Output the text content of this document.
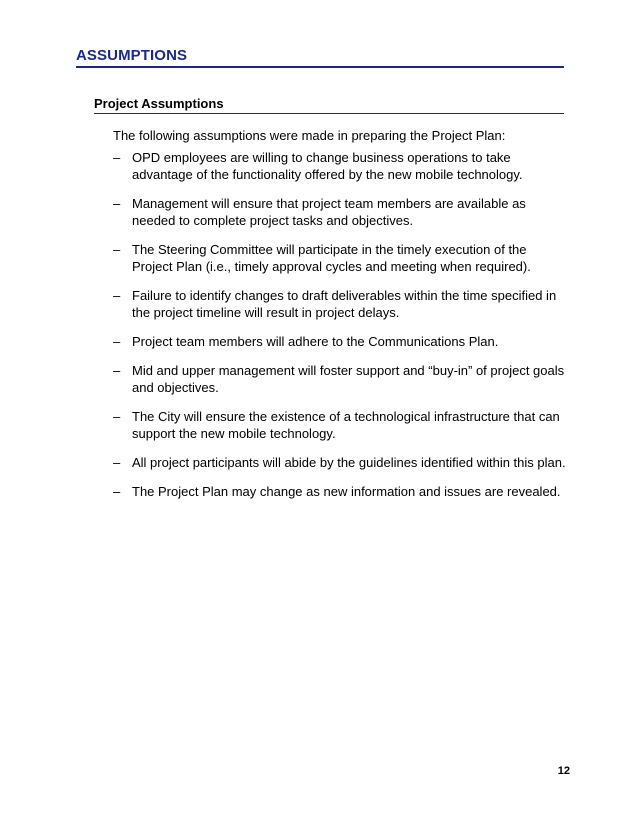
ASSUMPTIONS
Project Assumptions
The following assumptions were made in preparing the Project Plan:
– OPD employees are willing to change business operations to take advantage of the functionality offered by the new mobile technology.
– Management will ensure that project team members are available as needed to complete project tasks and objectives.
– The Steering Committee will participate in the timely execution of the Project Plan (i.e., timely approval cycles and meeting when required).
– Failure to identify changes to draft deliverables within the time specified in the project timeline will result in project delays.
– Project team members will adhere to the Communications Plan.
– Mid and upper management will foster support and “buy-in” of project goals and objectives.
– The City will ensure the existence of a technological infrastructure that can support the new mobile technology.
– All project participants will abide by the guidelines identified within this plan.
– The Project Plan may change as new information and issues are revealed.
12
